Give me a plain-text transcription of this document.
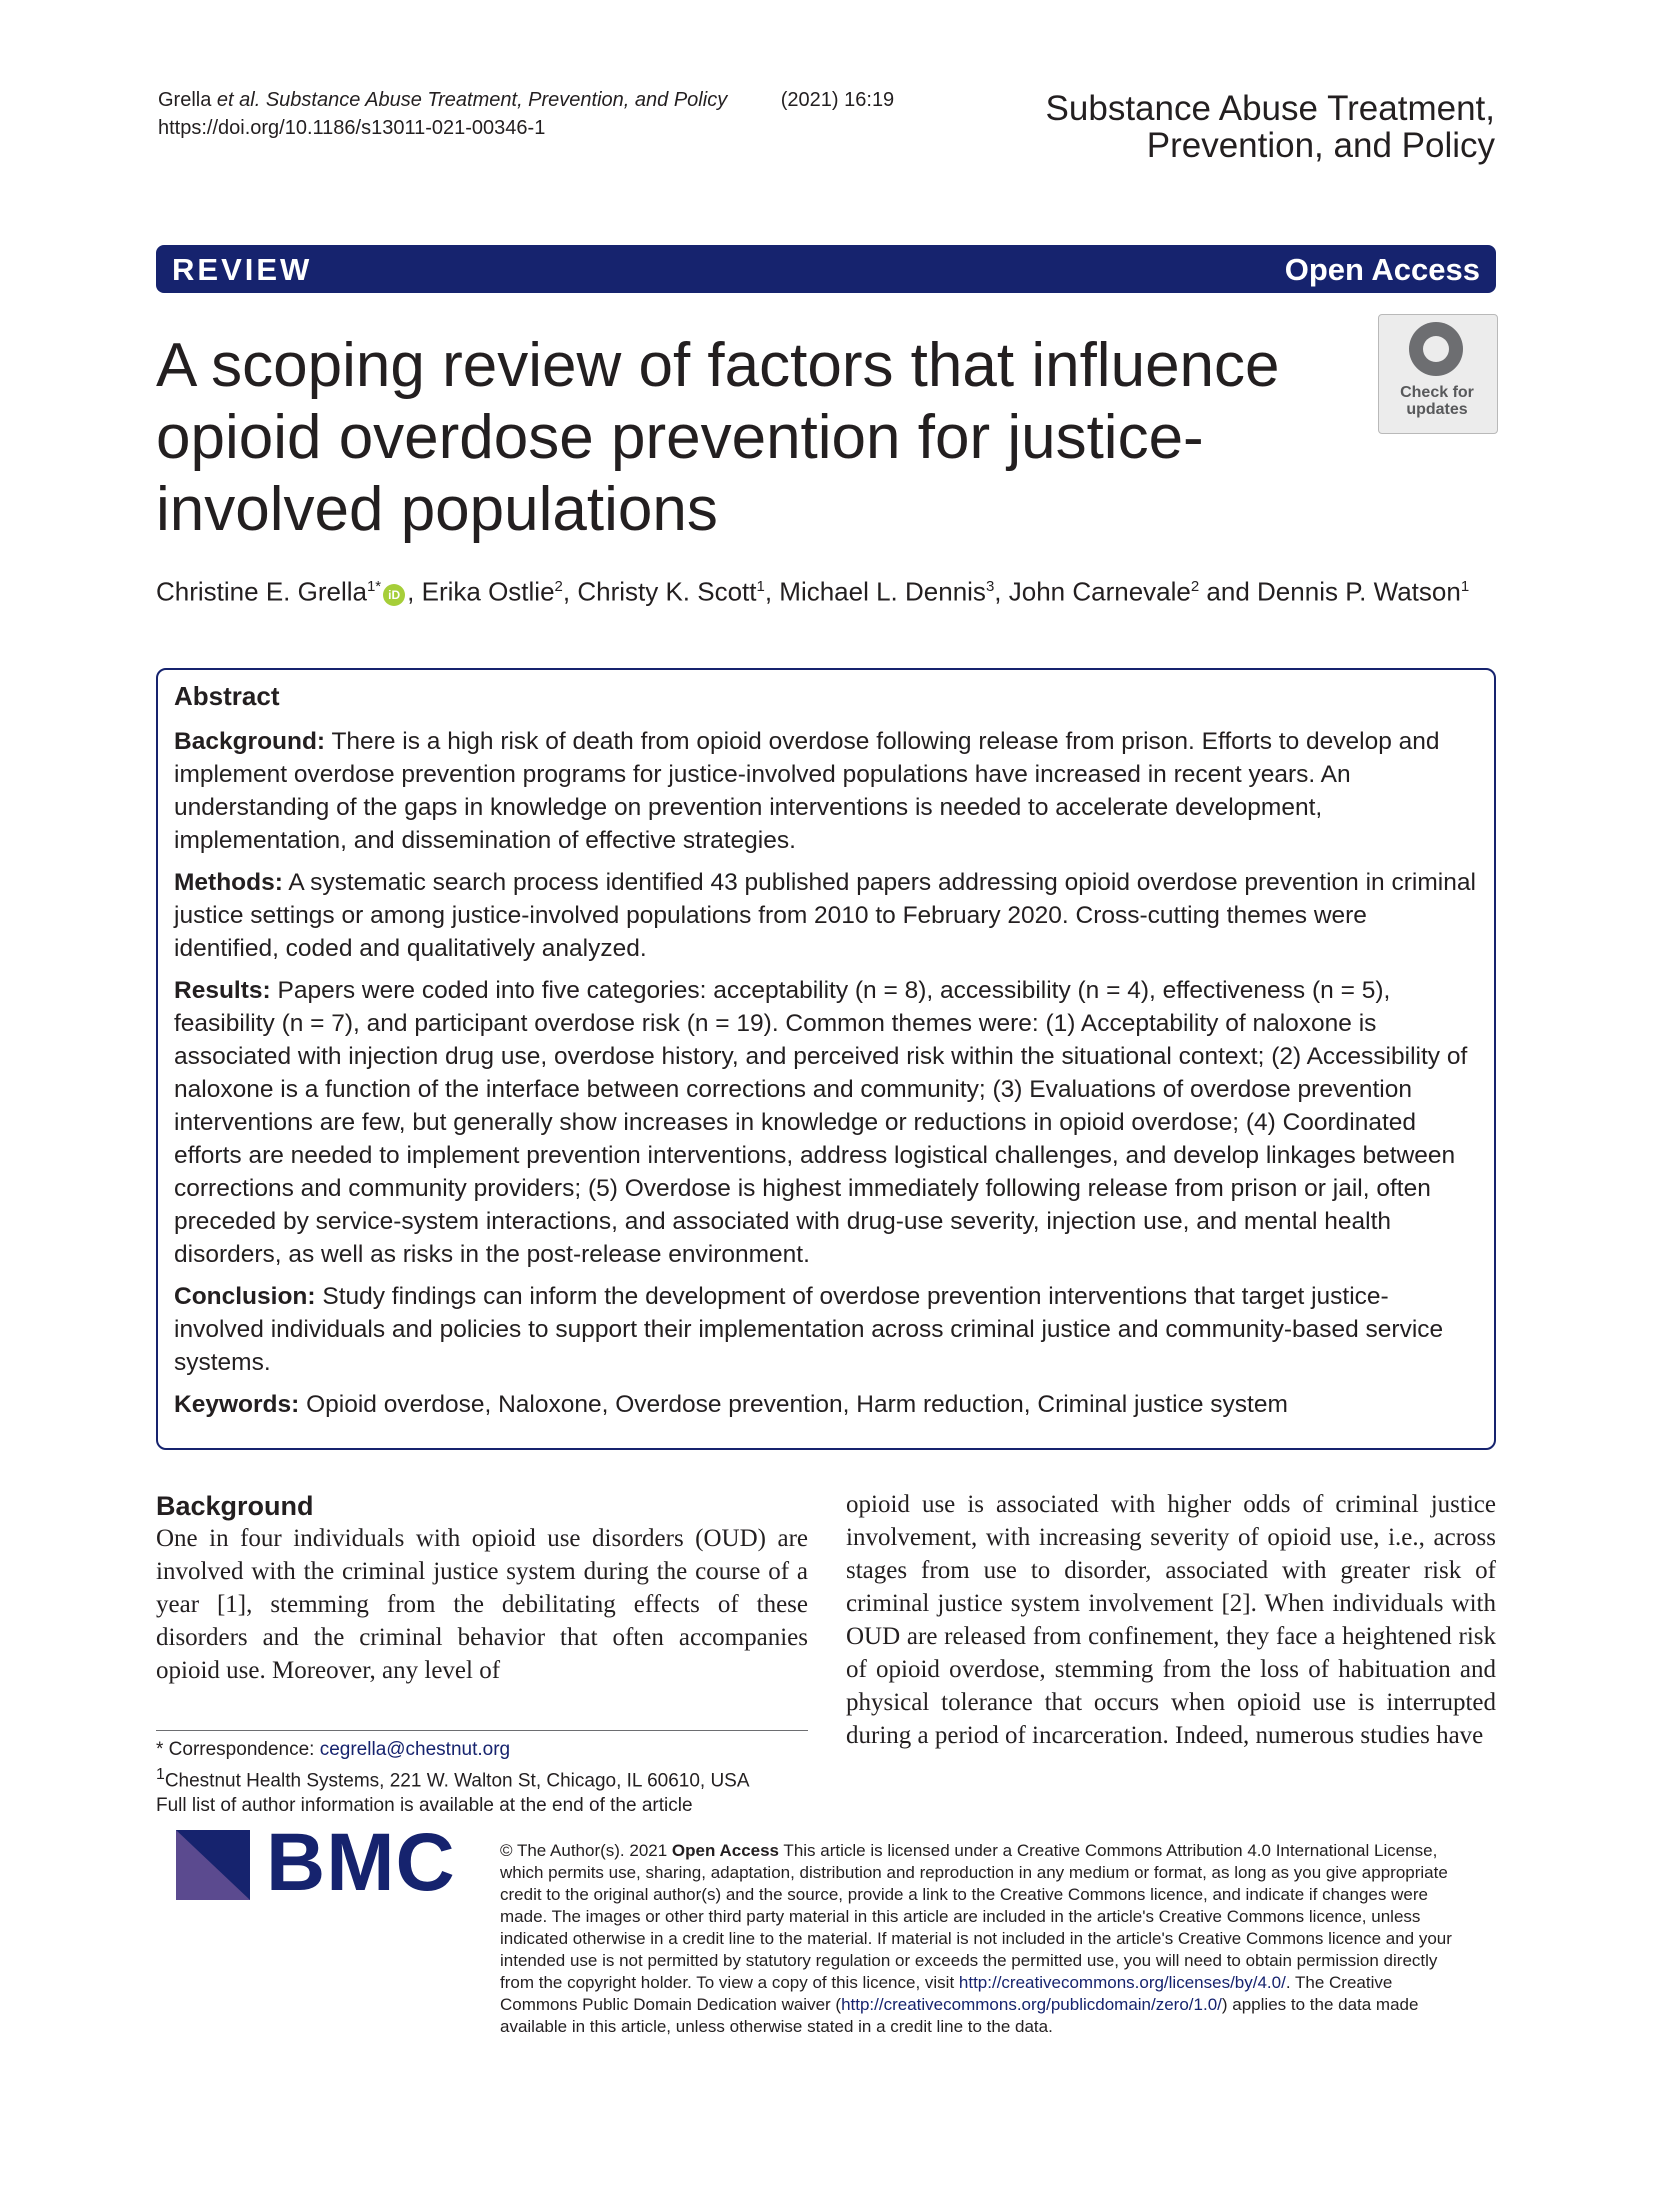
Grella et al. Substance Abuse Treatment, Prevention, and Policy	(2021) 16:19
https://doi.org/10.1186/s13011-021-00346-1	Substance Abuse Treatment,
Prevention, and Policy
REVIEW	Open Access
A scoping review of factors that influence opioid overdose prevention for justice-involved populations
Check for
updates
Christine E. Grella$^{1*}$ iD , Erika Ostlie$^2$, Christy K. Scott$^1$, Michael L. Dennis$^3$, John Carnevale$^2$ and Dennis P. Watson$^1$

Abstract

Background: There is a high risk of death from opioid overdose following release from prison. Efforts to develop and implement overdose prevention programs for justice-involved populations have increased in recent years. An understanding of the gaps in knowledge on prevention interventions is needed to accelerate development, implementation, and dissemination of effective strategies.

Methods: A systematic search process identified 43 published papers addressing opioid overdose prevention in criminal justice settings or among justice-involved populations from 2010 to February 2020. Cross-cutting themes were identified, coded and qualitatively analyzed.

Results: Papers were coded into five categories: acceptability (n = 8), accessibility (n = 4), effectiveness (n = 5), feasibility (n = 7), and participant overdose risk (n = 19). Common themes were: (1) Acceptability of naloxone is associated with injection drug use, overdose history, and perceived risk within the situational context; (2) Accessibility of naloxone is a function of the interface between corrections and community; (3) Evaluations of overdose prevention interventions are few, but generally show increases in knowledge or reductions in opioid overdose; (4) Coordinated efforts are needed to implement prevention interventions, address logistical challenges, and develop linkages between corrections and community providers; (5) Overdose is highest immediately following release from prison or jail, often preceded by service-system interactions, and associated with drug-use severity, injection use, and mental health disorders, as well as risks in the post-release environment.

Conclusion: Study findings can inform the development of overdose prevention interventions that target justice-involved individuals and policies to support their implementation across criminal justice and community-based service systems.

Keywords: Opioid overdose, Naloxone, Overdose prevention, Harm reduction, Criminal justice system

Background

One in four individuals with opioid use disorders (OUD) are involved with the criminal justice system during the course of a year [1], stemming from the debilitating effects of these disorders and the criminal behavior that often accompanies opioid use. Moreover, any level of

opioid use is associated with higher odds of criminal justice involvement, with increasing severity of opioid use, i.e., across stages from use to disorder, associated with greater risk of criminal justice system involvement [2]. When individuals with OUD are released from confinement, they face a heightened risk of opioid overdose, stemming from the loss of habituation and physical tolerance that occurs when opioid use is interrupted during a period of incarceration. Indeed, numerous studies have

* Correspondence: cegrella@chestnut.org
$^1$Chestnut Health Systems, 221 W. Walton St, Chicago, IL 60610, USA
Full list of author information is available at the end of the article
BMC	© The Author(s). 2021 Open Access This article is licensed under a Creative Commons Attribution 4.0 International License, which permits use, sharing, adaptation, distribution and reproduction in any medium or format, as long as you give appropriate credit to the original author(s) and the source, provide a link to the Creative Commons licence, and indicate if changes were made. The images or other third party material in this article are included in the article's Creative Commons licence, unless indicated otherwise in a credit line to the material. If material is not included in the article's Creative Commons licence and your intended use is not permitted by statutory regulation or exceeds the permitted use, you will need to obtain permission directly from the copyright holder. To view a copy of this licence, visit http://creativecommons.org/licenses/by/4.0/. The Creative Commons Public Domain Dedication waiver (http://creativecommons.org/publicdomain/zero/1.0/) applies to the data made available in this article, unless otherwise stated in a credit line to the data.
